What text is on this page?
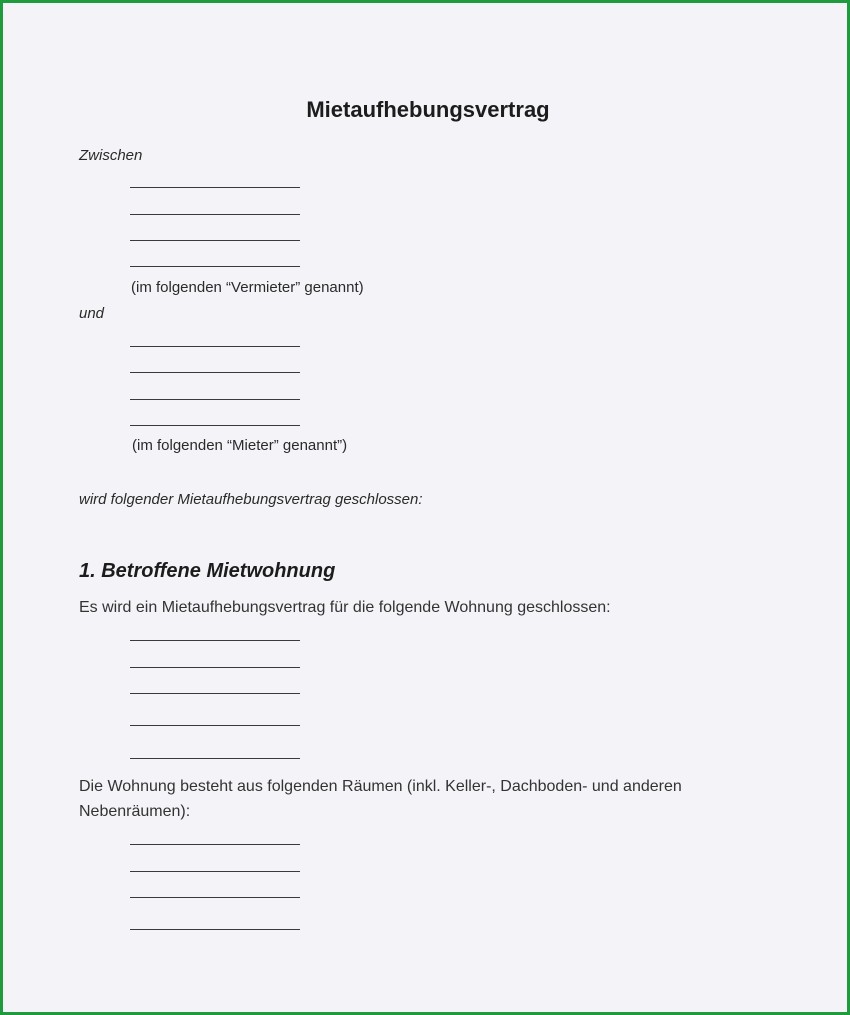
Mietaufhebungsvertrag
Zwischen
(im folgenden “Vermieter” genannt)
und
(im folgenden “Mieter” genannt”)
wird folgender Mietaufhebungsvertrag geschlossen:
1. Betroffene Mietwohnung
Es wird ein Mietaufhebungsvertrag für die folgende Wohnung geschlossen:
Die Wohnung besteht aus folgenden Räumen (inkl. Keller-, Dachboden- und anderen
Nebenräumen):
